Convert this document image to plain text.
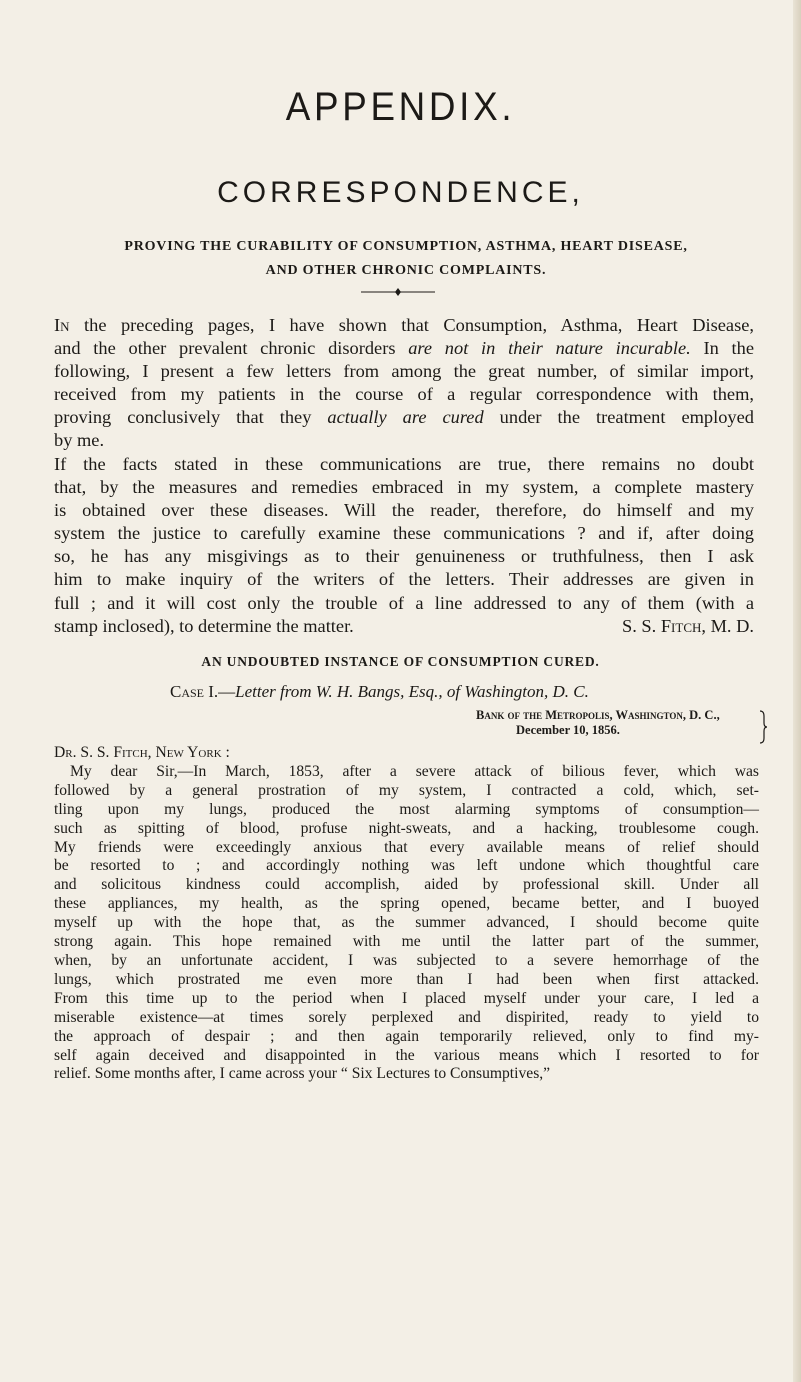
APPENDIX.
CORRESPONDENCE,
PROVING THE CURABILITY OF CONSUMPTION, ASTHMA, HEART DISEASE,
AND OTHER CHRONIC COMPLAINTS.
In the preceding pages, I have shown that Consumption, Asthma, Heart Disease,
and the other prevalent chronic disorders are not in their nature incurable. In the
following, I present a few letters from among the great number, of similar import,
received from my patients in the course of a regular correspondence with them,
proving conclusively that they actually are cured under the treatment employed
by me.
If the facts stated in these communications are true, there remains no doubt
that, by the measures and remedies embraced in my system, a complete mastery
is obtained over these diseases. Will the reader, therefore, do himself and my
system the justice to carefully examine these communications ? and if, after doing
so, he has any misgivings as to their genuineness or truthfulness, then I ask
him to make inquiry of the writers of the letters. Their addresses are given in
full ; and it will cost only the trouble of a line addressed to any of them (with a
stamp inclosed), to determine the matter.	S. S. Fitch, M. D.
AN UNDOUBTED INSTANCE OF CONSUMPTION CURED.
Case I.—Letter from W. H. Bangs, Esq., of Washington, D. C.
Bank of the Metropolis, Washington, D. C.,
December 10, 1856.
Dr. S. S. Fitch, New York :
My dear Sir,—In March, 1853, after a severe attack of bilious fever, which was
followed by a general prostration of my system, I contracted a cold, which, set-
tling upon my lungs, produced the most alarming symptoms of consumption—
such as spitting of blood, profuse night-sweats, and a hacking, troublesome cough.
My friends were exceedingly anxious that every available means of relief should
be resorted to ; and accordingly nothing was left undone which thoughtful care
and solicitous kindness could accomplish, aided by professional skill. Under all
these appliances, my health, as the spring opened, became better, and I buoyed
myself up with the hope that, as the summer advanced, I should become quite
strong again. This hope remained with me until the latter part of the summer,
when, by an unfortunate accident, I was subjected to a severe hemorrhage of the
lungs, which prostrated me even more than I had been when first attacked.
From this time up to the period when I placed myself under your care, I led a
miserable existence—at times sorely perplexed and dispirited, ready to yield to
the approach of despair ; and then again temporarily relieved, only to find my-
self again deceived and disappointed in the various means which I resorted to for
relief. Some months after, I came across your “ Six Lectures to Consumptives,”
